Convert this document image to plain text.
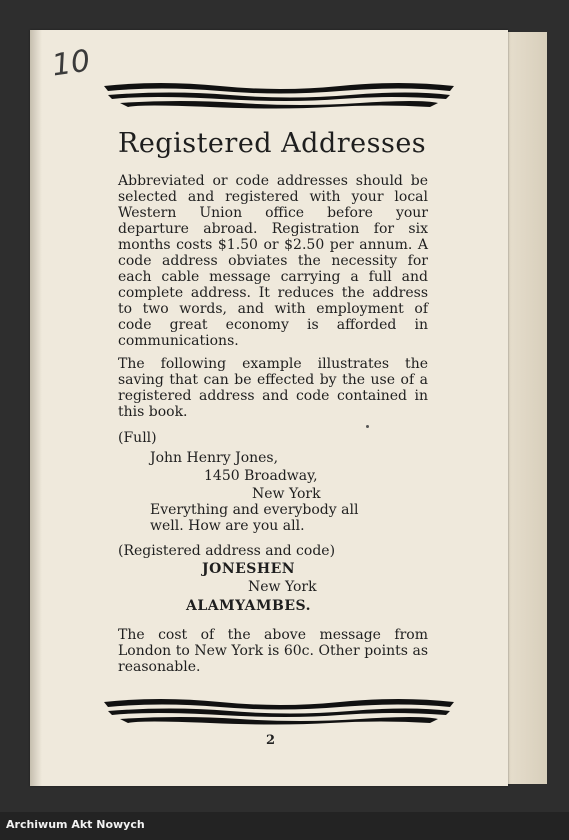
10
Registered Addresses

Abbreviated or code addresses should be selected and registered with your local Western Union office before your departure abroad. Registration for six months costs $1.50 or $2.50 per annum. A code address obviates the necessity for each cable message carrying a full and complete address. It reduces the address to two words, and with employment of code great economy is afforded in communications.

The following example illustrates the saving that can be effected by the use of a registered address and code contained in this book.

(Full)

John Henry Jones,

1450 Broadway,

New York

Everything and everybody all

well. How are you all.

(Registered address and code)

JONESHEN

New York

ALAMYAMBES.

The cost of the above message from London to New York is 60c. Other points as reasonable.

2
Archiwum Akt Nowych
